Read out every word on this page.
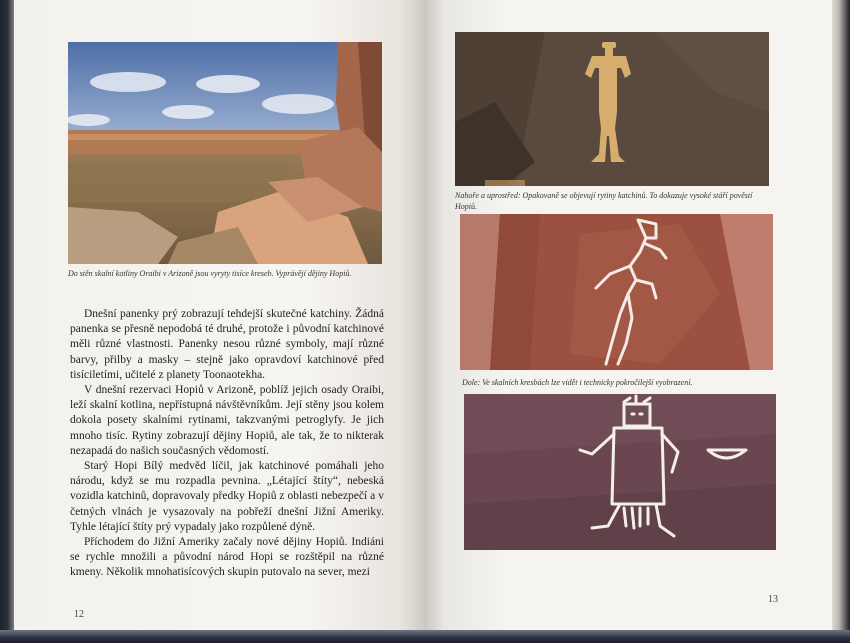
Do stěn skalní kotliny Oraibi v Arizoně jsou vyryty tisíce kreseb. Vyprávějí dějiny Hopiů.

Dnešní panenky prý zobrazují tehdejší skutečné katchiny. Žádná panenka se přesně nepodobá té druhé, protože i původní katchinové měli různé vlastnosti. Panenky nesou různé symboly, mají různé barvy, přilby a masky – stejně jako opravdoví katchinové před tisíciletími, učitelé z planety Toonaotekha.

V dnešní rezervaci Hopiů v Arizoně, poblíž jejich osady Oraibi, leží skalní kotlina, nepřístupná návštěvníkům. Její stěny jsou kolem dokola posety skalními rytinami, takzvanými petroglyfy. Je jich mnoho tisíc. Rytiny zobrazují dějiny Hopiů, ale tak, že to nikterak nezapadá do našich současných vědomostí.

Starý Hopi Bílý medvěd líčil, jak katchinové pomáhali jeho národu, když se mu rozpadla pevnina. „Létající štíty“, nebeská vozidla katchinů, dopravovaly předky Hopiů z oblasti nebezpečí a v četných vlnách je vysazovaly na pobřeží dnešní Jižní Ameriky. Tyhle létající štíty prý vypadaly jako rozpůlené dýně.

Příchodem do Jižní Ameriky začaly nové dějiny Hopiů. Indiáni se rychle množili a původní národ Hopi se rozštěpil na různé kmeny. Několik mnohatisícových skupin putovalo na sever, mezi

12

Nahoře a uprostřed: Opakovaně se objevují rytiny katchinů. To dokazuje vysoké stáří pověstí Hopiů.

Dole: Ve skalních kresbách lze vidět i technicky pokročilejší vyobrazení.

13
